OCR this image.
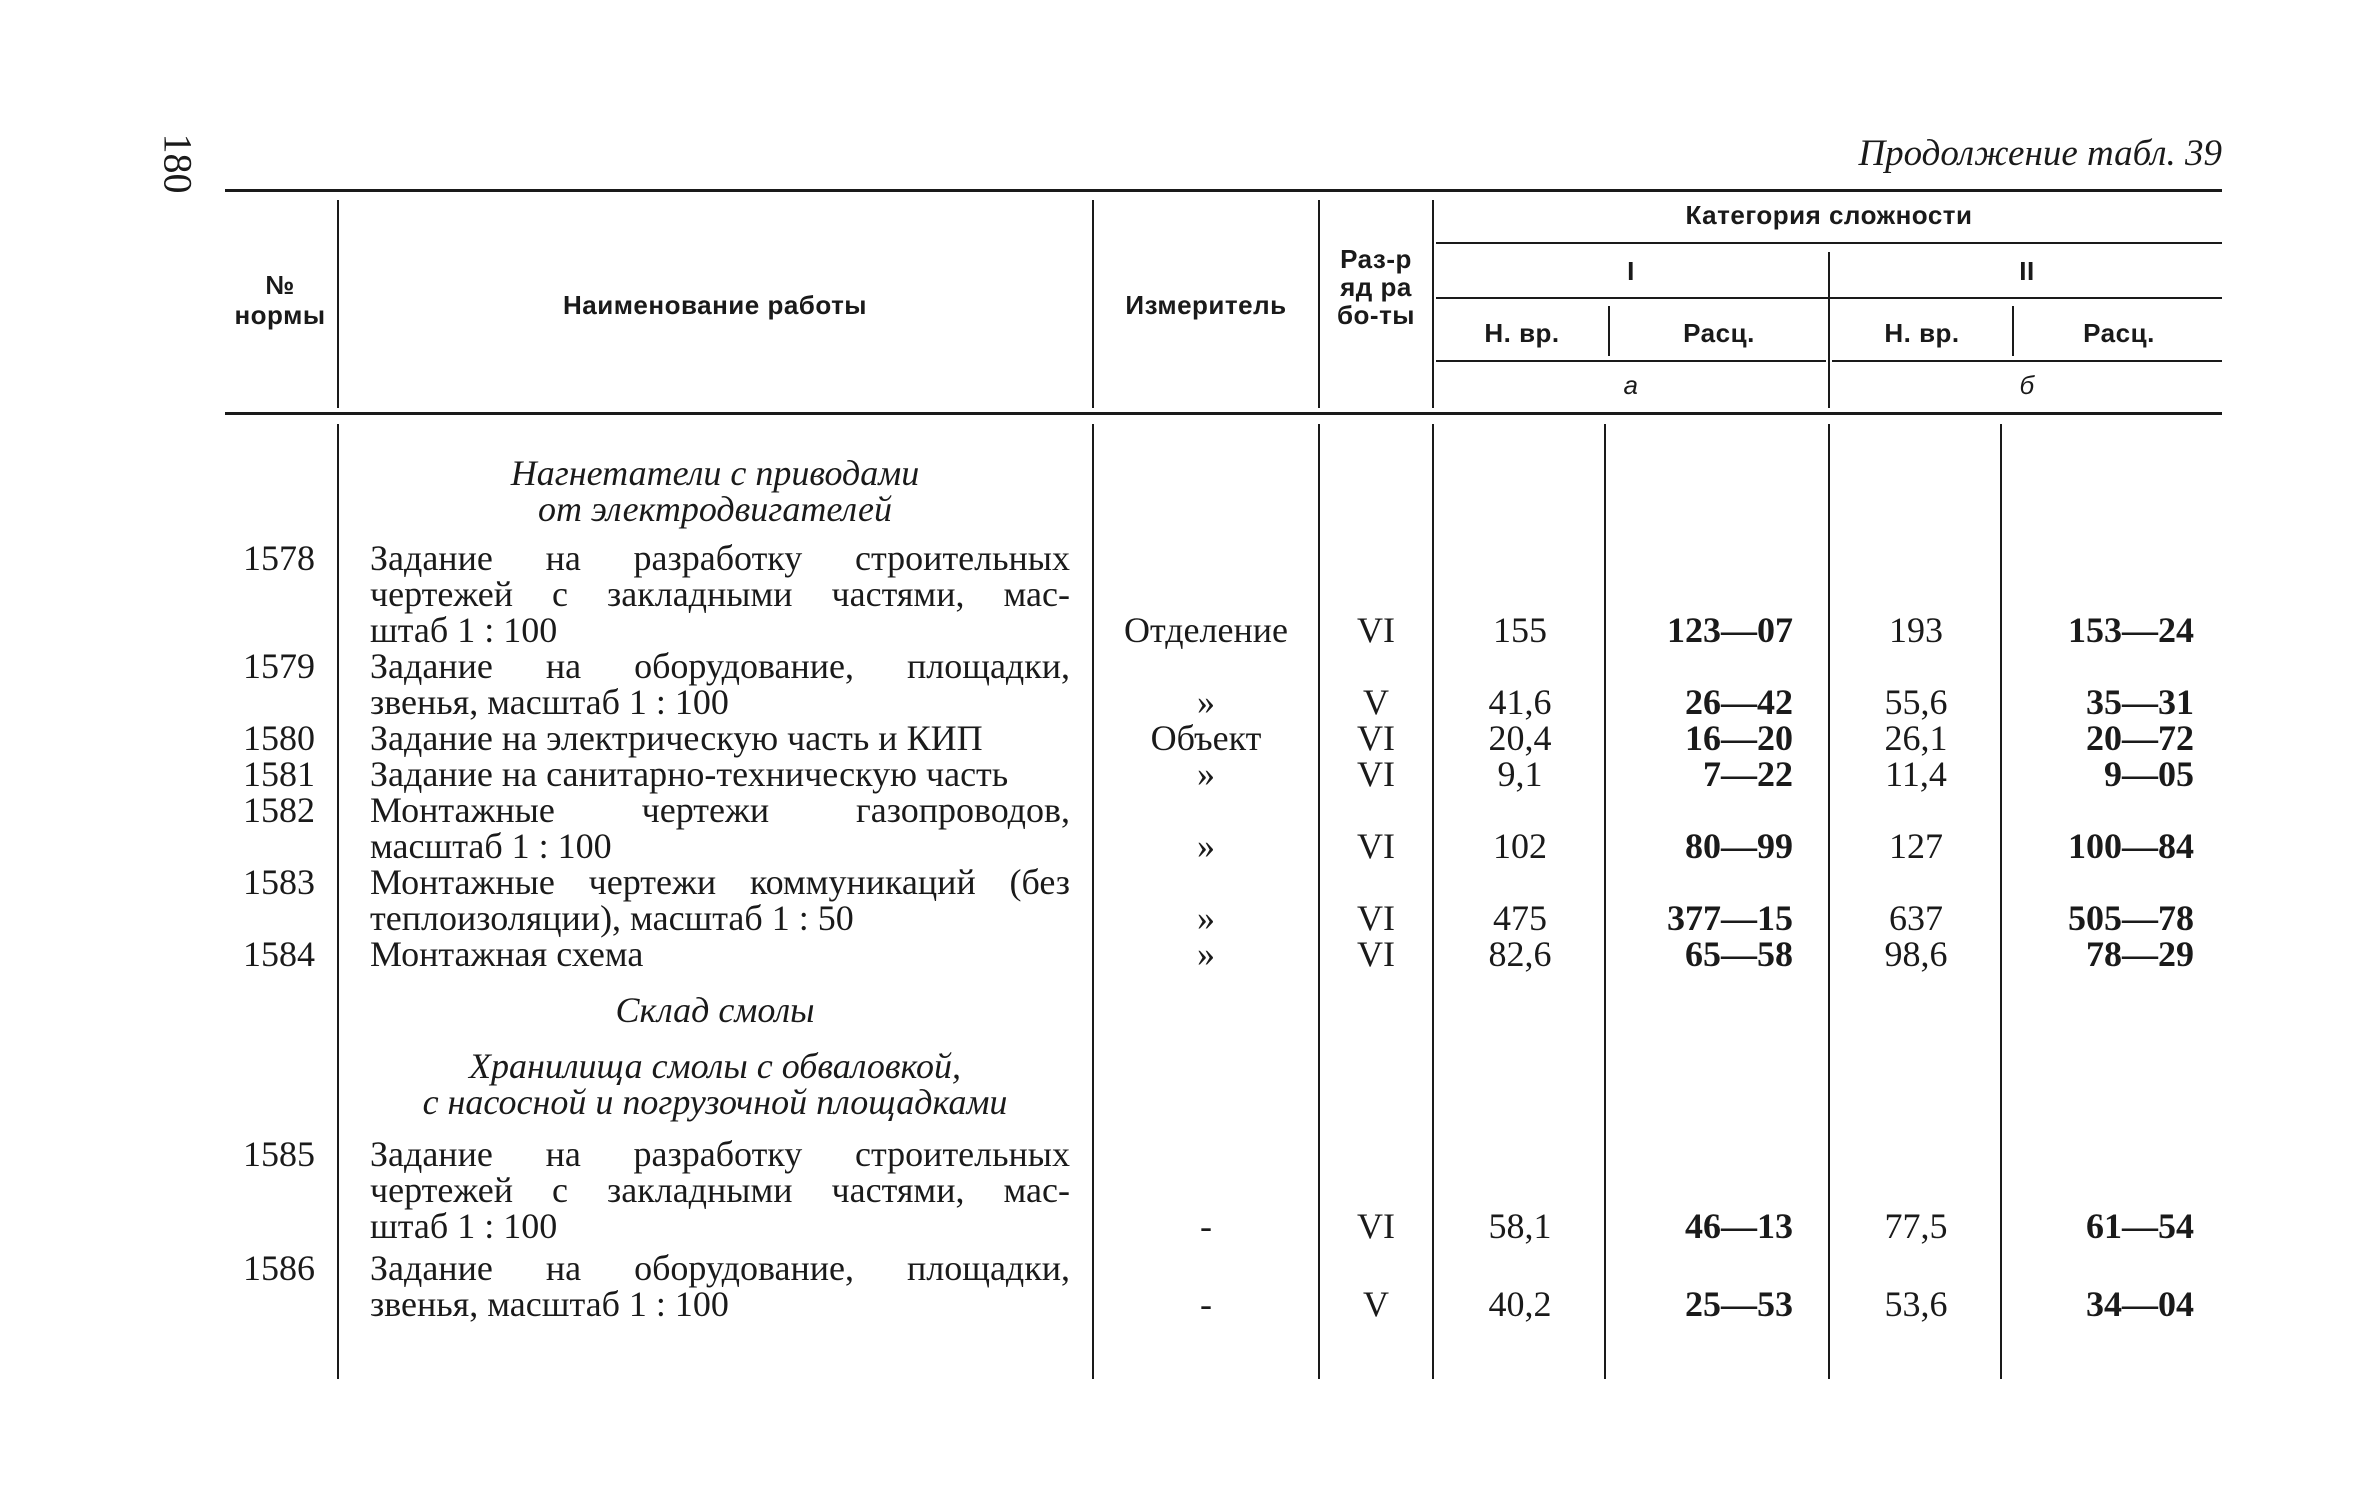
180	Продолжение табл. 39
№ нормы	Наименование работы	Измеритель
Раз-ряд рабо-ты
Категория сложности
I	II
Н. вр.	Расц.	Н. вр.	Расц.
а	б
Нагнетатели с приводами
от электродвигателей
Склад смолы
Хранилища смолы с обваловкой,
с насосной и погрузочной площадками
1578	Задание на разработку строительных
чертежей с закладными частями, мас-
штаб 1 : 100	Отделение	VI	155	123—07	193	153—24
1579	Задание на оборудование, площадки,
звенья, масштаб 1 : 100	»	V	41,6	26—42	55,6	35—31
1580	Задание на электрическую часть и КИП	Объект	VI	20,4	16—20	26,1	20—72
1581	Задание на санитарно-техническую часть	»	VI	9,1	7—22	11,4	9—05
1582	Монтажные чертежи газопроводов,
масштаб 1 : 100	»	VI	102	80—99	127	100—84
1583	Монтажные чертежи коммуникаций (без
теплоизоляции), масштаб 1 : 50	»	VI	475	377—15	637	505—78
1584	Монтажная схема	»	VI	82,6	65—58	98,6	78—29
1585	Задание на разработку строительных
чертежей с закладными частями, мас-
штаб 1 : 100	-	VI	58,1	46—13	77,5	61—54
1586	Задание на оборудование, площадки,
звенья, масштаб 1 : 100	-	V	40,2	25—53	53,6	34—04
